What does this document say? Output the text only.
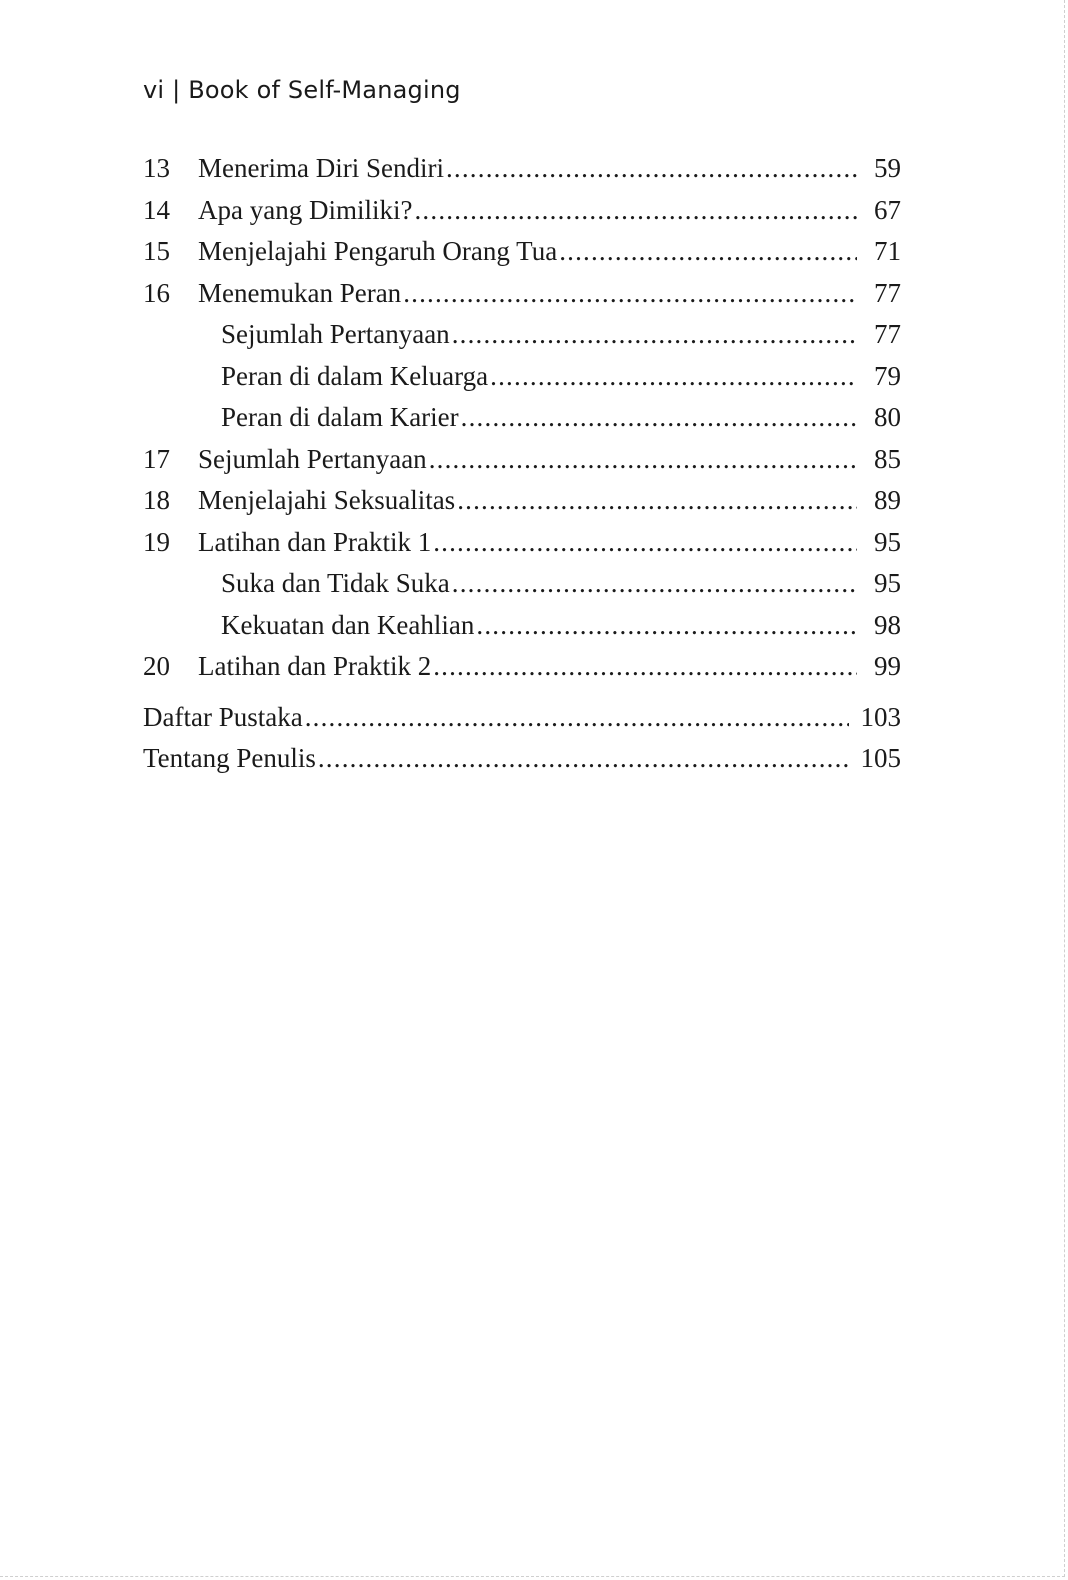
vi | Book of Self-Managing
13	Menerima Diri Sendiri .....	59
14	Apa yang Dimiliki? .....	67
15	Menjelajahi Pengaruh Orang Tua .....	71
16	Menemukan Peran .....	77
Sejumlah Pertanyaan .....	77
Peran di dalam Keluarga .....	79
Peran di dalam Karier .....	80
17	Sejumlah Pertanyaan .....	85
18	Menjelajahi Seksualitas .....	89
19	Latihan dan Praktik 1 .....	95
Suka dan Tidak Suka .....	95
Kekuatan dan Keahlian .....	98
20	Latihan dan Praktik 2 .....	99
Daftar Pustaka .....	103
Tentang Penulis .....	105
